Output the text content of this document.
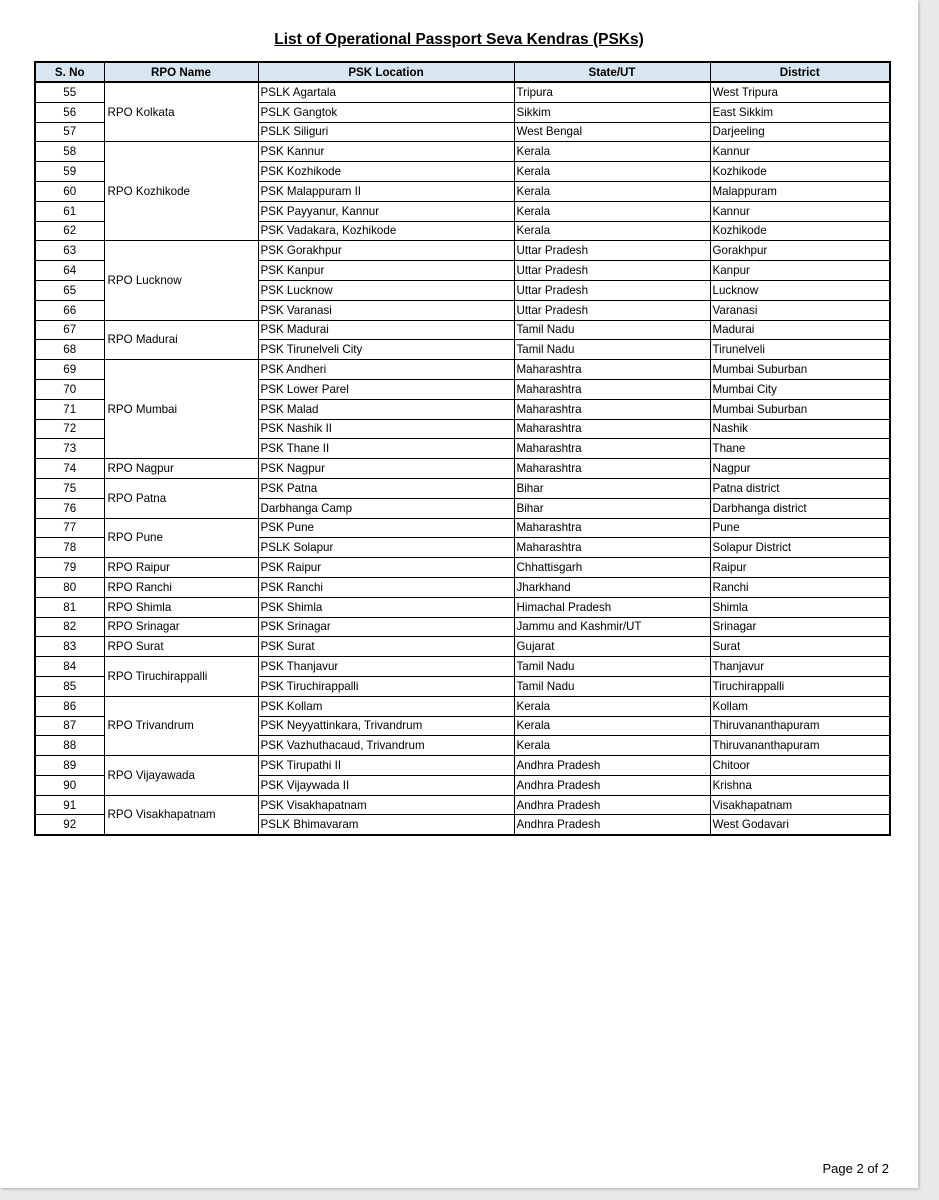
List of Operational Passport Seva Kendras (PSKs)
S. No	RPO Name	PSK Location	State/UT	District
55	RPO Kolkata	PSLK Agartala	Tripura	West Tripura
56		PSLK Gangtok	Sikkim	East Sikkim
57		PSLK Siliguri	West Bengal	Darjeeling
58	RPO Kozhikode	PSK Kannur	Kerala	Kannur
59		PSK Kozhikode	Kerala	Kozhikode
60		PSK Malappuram II	Kerala	Malappuram
61		PSK Payyanur, Kannur	Kerala	Kannur
62		PSK Vadakara, Kozhikode	Kerala	Kozhikode
63	RPO Lucknow	PSK Gorakhpur	Uttar Pradesh	Gorakhpur
64		PSK Kanpur	Uttar Pradesh	Kanpur
65		PSK Lucknow	Uttar Pradesh	Lucknow
66		PSK Varanasi	Uttar Pradesh	Varanasi
67	RPO Madurai	PSK Madurai	Tamil Nadu	Madurai
68		PSK Tirunelveli City	Tamil Nadu	Tirunelveli
69	RPO Mumbai	PSK Andheri	Maharashtra	Mumbai Suburban
70		PSK Lower Parel	Maharashtra	Mumbai City
71		PSK Malad	Maharashtra	Mumbai Suburban
72		PSK Nashik II	Maharashtra	Nashik
73		PSK Thane II	Maharashtra	Thane
74	RPO Nagpur	PSK Nagpur	Maharashtra	Nagpur
75	RPO Patna	PSK Patna	Bihar	Patna district
76		Darbhanga Camp	Bihar	Darbhanga district
77	RPO Pune	PSK Pune	Maharashtra	Pune
78		PSLK Solapur	Maharashtra	Solapur District
79	RPO Raipur	PSK Raipur	Chhattisgarh	Raipur
80	RPO Ranchi	PSK Ranchi	Jharkhand	Ranchi
81	RPO Shimla	PSK Shimla	Himachal Pradesh	Shimla
82	RPO Srinagar	PSK Srinagar	Jammu and Kashmir/UT	Srinagar
83	RPO Surat	PSK Surat	Gujarat	Surat
84	RPO Tiruchirappalli	PSK Thanjavur	Tamil Nadu	Thanjavur
85		PSK Tiruchirappalli	Tamil Nadu	Tiruchirappalli
86	RPO Trivandrum	PSK Kollam	Kerala	Kollam
87		PSK Neyyattinkara, Trivandrum	Kerala	Thiruvananthapuram
88		PSK Vazhuthacaud, Trivandrum	Kerala	Thiruvananthapuram
89	RPO Vijayawada	PSK Tirupathi II	Andhra Pradesh	Chitoor
90		PSK Vijaywada II	Andhra Pradesh	Krishna
91	RPO Visakhapatnam	PSK Visakhapatnam	Andhra Pradesh	Visakhapatnam
92		PSLK Bhimavaram	Andhra Pradesh	West Godavari
Page 2 of 2
